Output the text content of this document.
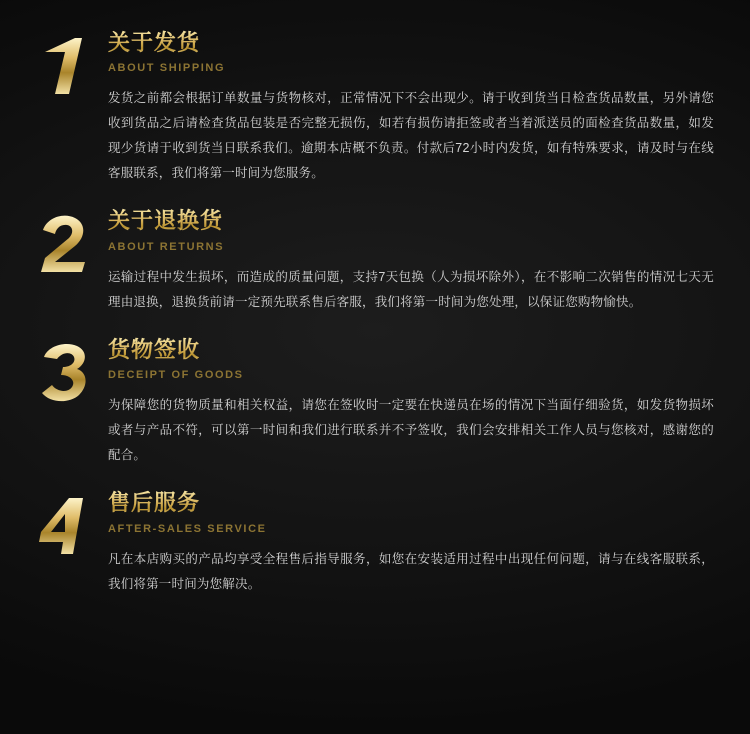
关于发货
ABOUT SHIPPING

发货之前都会根据订单数量与货物核对，正常情况下不会出现少。请于收到货当日检查货品数量，另外请您收到货品之后请检查货品包装是否完整无损伤，如若有损伤请拒签或者当着派送员的面检查货品数量，如发现少货请于收到货当日联系我们。逾期本店概不负责。付款后72小时内发货，如有特殊要求，请及时与在线客服联系，我们将第一时间为您服务。

关于退换货
ABOUT RETURNS

运输过程中发生损坏，而造成的质量问题，支持7天包换（人为损坏除外），在不影响二次销售的情况七天无理由退换，退换货前请一定预先联系售后客服，我们将第一时间为您处理，以保证您购物愉快。

货物签收
DECEIPT OF GOODS

为保障您的货物质量和相关权益，请您在签收时一定要在快递员在场的情况下当面仔细验货，如发货物损坏或者与产品不符，可以第一时间和我们进行联系并不予签收，我们会安排相关工作人员与您核对，感谢您的配合。

售后服务
AFTER-SALES SERVICE

凡在本店购买的产品均享受全程售后指导服务，如您在安装适用过程中出现任何问题，请与在线客服联系，我们将第一时间为您解决。
